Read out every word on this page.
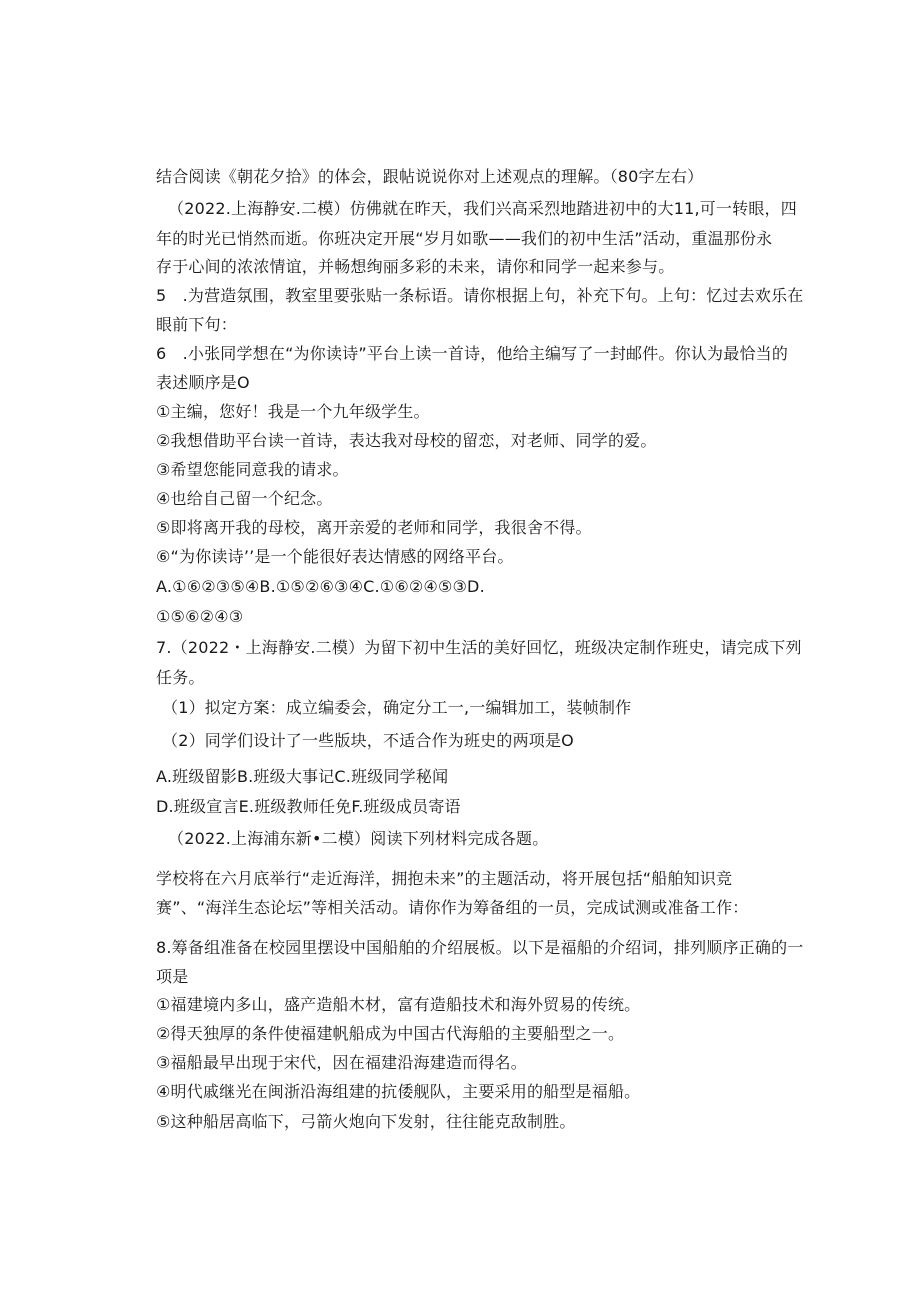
结合阅读《朝花夕拾》的体会，跟帖说说你对上述观点的理解。（80字左右）
（2022.上海静安.二模）仿佛就在昨天，我们兴高采烈地踏进初中的大11,可一转眼，四
年的时光已悄然而逝。你班决定开展“岁月如歌——我们的初中生活”活动，重温那份永
存于心间的浓浓情谊，并畅想绚丽多彩的未来，请你和同学一起来参与。
5　.为营造氛围，教室里要张贴一条标语。请你根据上句，补充下句。上句：忆过去欢乐在
眼前下句：
6　.小张同学想在“为你读诗”平台上读一首诗，他给主编写了一封邮件。你认为最恰当的
表述顺序是O
①主编，您好！我是一个九年级学生。
②我想借助平台读一首诗，表达我对母校的留恋，对老师、同学的爱。
③希望您能同意我的请求。
④也给自己留一个纪念。
⑤即将离开我的母校，离开亲爱的老师和同学，我很舍不得。
⑥“为你读诗’’是一个能很好表达情感的网络平台。
A.①⑥②③⑤④B.①⑤②⑥③④C.①⑥②④⑤③D.
①⑤⑥②④③
7.（2022・上海静安.二模）为留下初中生活的美好回忆，班级决定制作班史，请完成下列
任务。
（1）拟定方案：成立编委会，确定分工一,一编辑加工，装帧制作
（2）同学们设计了一些版块，不适合作为班史的两项是O
A.班级留影B.班级大事记C.班级同学秘闻
D.班级宣言E.班级教师任免F.班级成员寄语
（2022.上海浦东新•二模）阅读下列材料完成各题。
学校将在六月底举行“走近海洋，拥抱未来”的主题活动，将开展包括“船舶知识竞
赛”、“海洋生态论坛”等相关活动。请你作为筹备组的一员，完成试测或准备工作：
8.筹备组准备在校园里摆设中国船舶的介绍展板。以下是福船的介绍词，排列顺序正确的一
项是
①福建境内多山，盛产造船木材，富有造船技术和海外贸易的传统。
②得天独厚的条件使福建帆船成为中国古代海船的主要船型之一。
③福船最早出现于宋代，因在福建沿海建造而得名。
④明代戚继光在闽浙沿海组建的抗倭舰队，主要采用的船型是福船。
⑤这种船居高临下，弓箭火炮向下发射，往往能克敌制胜。
